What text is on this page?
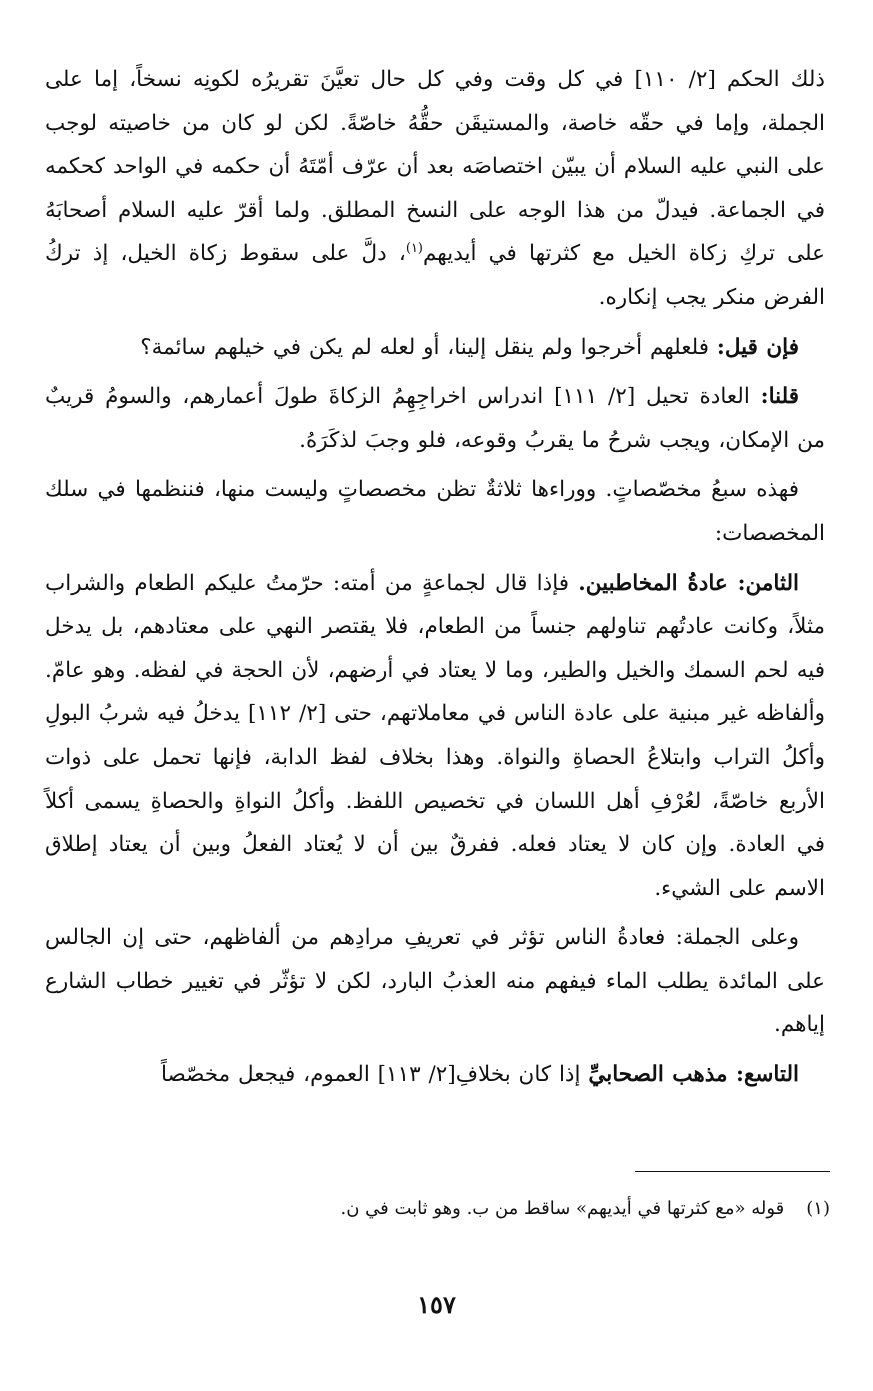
ذلك الحكم [٢/ ١١٠] في كل وقت وفي كل حال تعيَّنَ تقريرُه لكونِه نسخاً، إما على الجملة، وإما في حقّه خاصة، والمستيقَن حقُّهُ خاصّةً. لكن لو كان من خاصيته لوجب على النبي عليه السلام أن يبيّن اختصاصَه بعد أن عرّف أمّتَهُ أن حكمه في الواحد كحكمه في الجماعة. فيدلّ من هذا الوجه على النسخ المطلق. ولما أقرّ عليه السلام أصحابَهُ على تركِ زكاة الخيل مع كثرتها في أيديهم$^{(١)}$، دلَّ على سقوط زكاة الخيل، إذ تركُ الفرض منكر يجب إنكاره.

فإن قيل: فلعلهم أخرجوا ولم ينقل إلينا، أو لعله لم يكن في خيلهم سائمة؟

قلنا: العادة تحيل [٢/ ١١١] اندراس اخراجِهِمُ الزكاةَ طولَ أعمارهم، والسومُ قريبٌ من الإمكان، ويجب شرحُ ما يقربُ وقوعه، فلو وجبَ لذكَرَهُ.

فهذه سبعُ مخصّصاتٍ. ووراءها ثلاثةٌ تظن مخصصاتٍ وليست منها، فننظمها في سلك المخصصات:

الثامن: عادةُ المخاطبين. فإذا قال لجماعةٍ من أمته: حرّمتُ عليكم الطعام والشراب مثلاً، وكانت عادتُهم تناولهم جنساً من الطعام، فلا يقتصر النهي على معتادهم، بل يدخل فيه لحم السمك والخيل والطير، وما لا يعتاد في أرضهم، لأن الحجة في لفظه. وهو عامّ. وألفاظه غير مبنية على عادة الناس في معاملاتهم، حتى [٢/ ١١٢] يدخلُ فيه شربُ البولِ وأكلُ التراب وابتلاعُ الحصاةِ والنواة. وهذا بخلاف لفظ الدابة، فإنها تحمل على ذوات الأربع خاصّةً، لعُرْفِ أهل اللسان في تخصيص اللفظ. وأكلُ النواةِ والحصاةِ يسمى أكلاً في العادة. وإن كان لا يعتاد فعله. ففرقٌ بين أن لا يُعتاد الفعلُ وبين أن يعتاد إطلاق الاسم على الشيء.

وعلى الجملة: فعادةُ الناس تؤثر في تعريفِ مرادِهم من ألفاظهم، حتى إن الجالس على المائدة يطلب الماء فيفهم منه العذبُ البارد، لكن لا تؤثّر في تغيير خطاب الشارع إياهم.

التاسع: مذهب الصحابيِّ إذا كان بخلافِ[٢/ ١١٣] العموم، فيجعل مخصّصاً

(١)قوله «مع كثرتها في أيديهم» ساقط من ب. وهو ثابت في ن.
١٥٧
